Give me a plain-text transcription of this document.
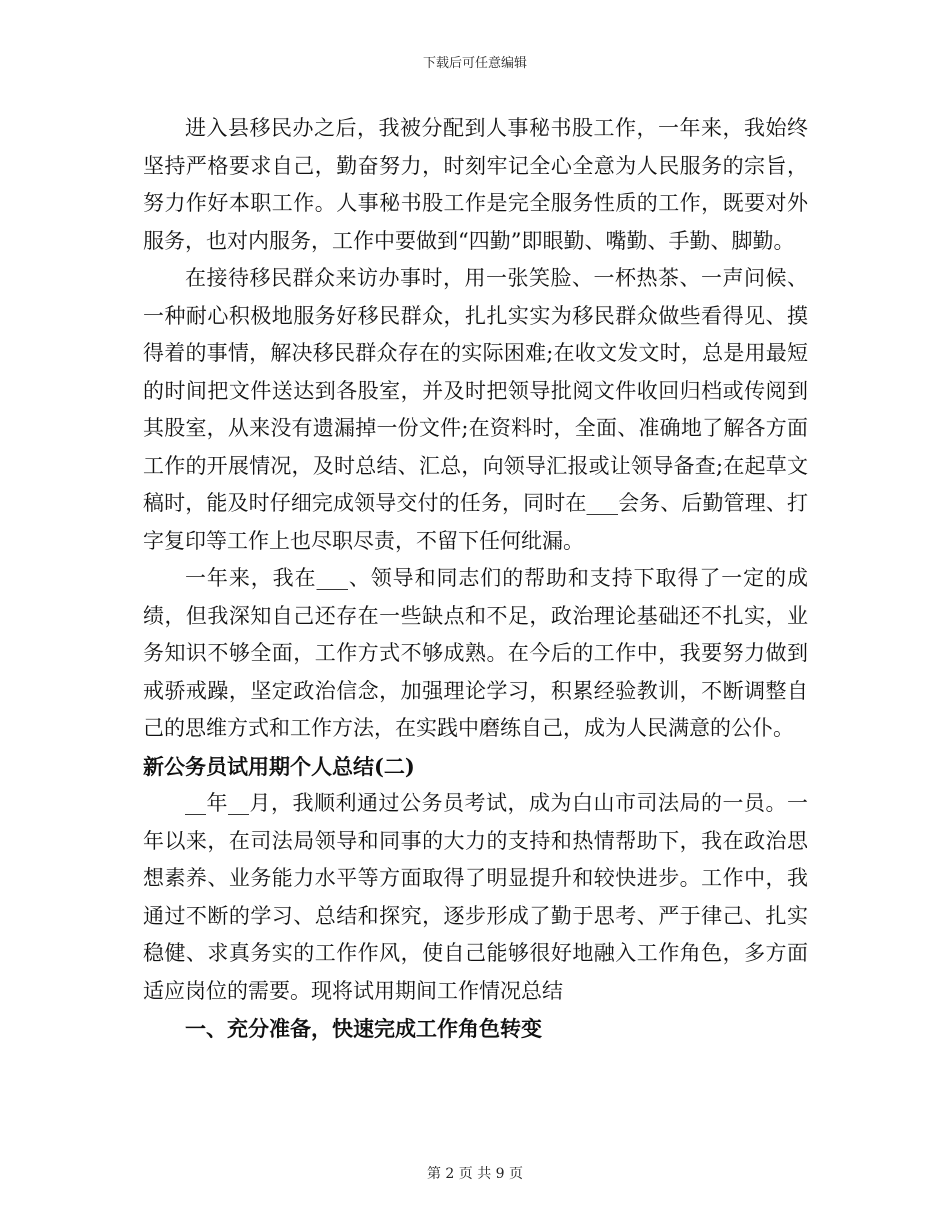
下载后可任意编辑

进入县移民办之后，我被分配到人事秘书股工作，一年来，我始终坚持严格要求自己，勤奋努力，时刻牢记全心全意为人民服务的宗旨，努力作好本职工作。人事秘书股工作是完全服务性质的工作，既要对外服务，也对内服务，工作中要做到“四勤”即眼勤、嘴勤、手勤、脚勤。

在接待移民群众来访办事时，用一张笑脸、一杯热茶、一声问候、一种耐心积极地服务好移民群众，扎扎实实为移民群众做些看得见、摸得着的事情，解决移民群众存在的实际困难;在收文发文时，总是用最短的时间把文件送达到各股室，并及时把领导批阅文件收回归档或传阅到其股室，从来没有遗漏掉一份文件;在资料时，全面、准确地了解各方面工作的开展情况，及时总结、汇总，向领导汇报或让领导备查;在起草文稿时，能及时仔细完成领导交付的任务，同时在___会务、后勤管理、打字复印等工作上也尽职尽责，不留下任何纰漏。

一年来，我在___、领导和同志们的帮助和支持下取得了一定的成绩，但我深知自己还存在一些缺点和不足，政治理论基础还不扎实，业务知识不够全面，工作方式不够成熟。在今后的工作中，我要努力做到戒骄戒躁，坚定政治信念，加强理论学习，积累经验教训，不断调整自己的思维方式和工作方法，在实践中磨练自己，成为人民满意的公仆。

新公务员试用期个人总结(二)

__年__月，我顺利通过公务员考试，成为白山市司法局的一员。一年以来，在司法局领导和同事的大力的支持和热情帮助下，我在政治思想素养、业务能力水平等方面取得了明显提升和较快进步。工作中，我通过不断的学习、总结和探究，逐步形成了勤于思考、严于律己、扎实稳健、求真务实的工作作风，使自己能够很好地融入工作角色，多方面适应岗位的需要。现将试用期间工作情况总结

一、充分准备，快速完成工作角色转变

第 2 页 共 9 页
